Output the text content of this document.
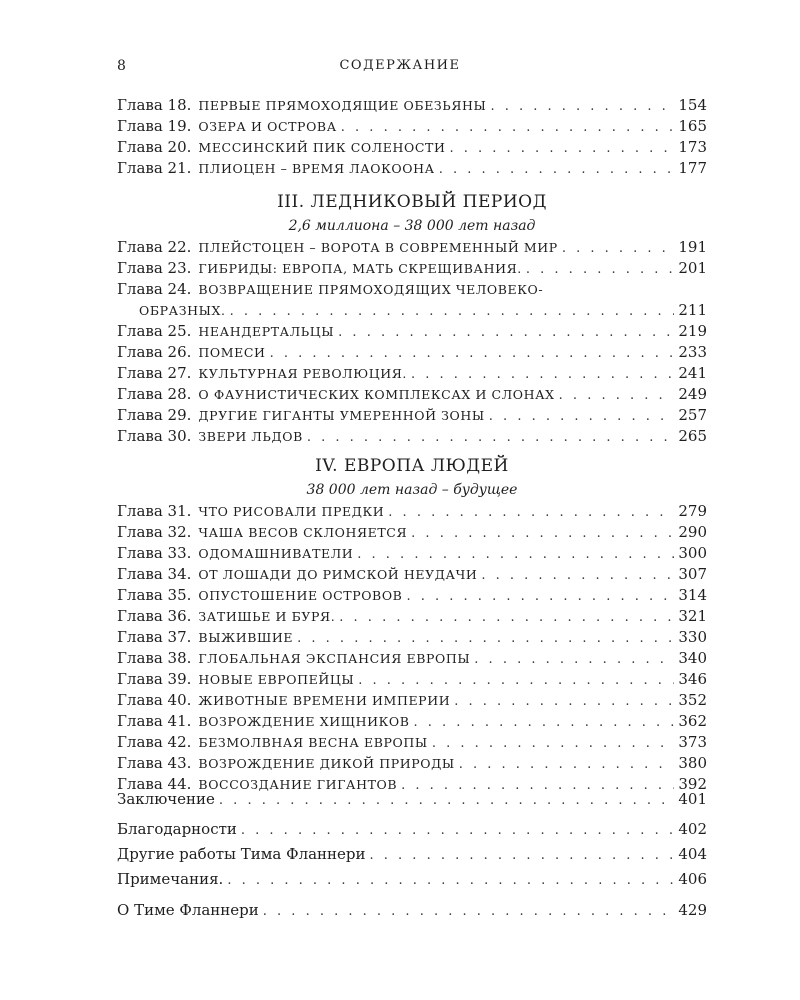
8	СОДЕРЖАНИЕ
Глава 18. ПЕРВЫЕ ПРЯМОХОДЯЩИЕ ОБЕЗЬЯНЫ . . .	154
Глава 19. ОЗЕРА И ОСТРОВА . . .	165
Глава 20. МЕССИНСКИЙ ПИК СОЛЕНОСТИ . . .	173
Глава 21. ПЛИОЦЕН – ВРЕМЯ ЛАОКООНА . . .	177
III. ЛЕДНИКОВЫЙ ПЕРИОД
2,6 миллиона – 38 000 лет назад
Глава 22. ПЛЕЙСТОЦЕН – ВОРОТА В СОВРЕМЕННЫЙ МИР . . .	191
Глава 23. ГИБРИДЫ: ЕВРОПА, МАТЬ СКРЕЩИВАНИЯ. . . .	201
Глава 24. ВОЗВРАЩЕНИЕ ПРЯМОХОДЯЩИХ ЧЕЛОВЕКО-
ОБРАЗНЫХ. . . .	211
Глава 25. НЕАНДЕРТАЛЬЦЫ . . .	219
Глава 26. ПОМЕСИ . . .	233
Глава 27. КУЛЬТУРНАЯ РЕВОЛЮЦИЯ. . . .	241
Глава 28. О ФАУНИСТИЧЕСКИХ КОМПЛЕКСАХ И СЛОНАХ . . .	249
Глава 29. ДРУГИЕ ГИГАНТЫ УМЕРЕННОЙ ЗОНЫ . . .	257
Глава 30. ЗВЕРИ ЛЬДОВ . . .	265
IV. ЕВРОПА ЛЮДЕЙ
38 000 лет назад – будущее
Глава 31. ЧТО РИСОВАЛИ ПРЕДКИ . . .	279
Глава 32. ЧАША ВЕСОВ СКЛОНЯЕТСЯ . . .	290
Глава 33. ОДОМАШНИВАТЕЛИ . . .	300
Глава 34. ОТ ЛОШАДИ ДО РИМСКОЙ НЕУДАЧИ . . .	307
Глава 35. ОПУСТОШЕНИЕ ОСТРОВОВ . . .	314
Глава 36. ЗАТИШЬЕ И БУРЯ. . . .	321
Глава 37. ВЫЖИВШИЕ . . .	330
Глава 38. ГЛОБАЛЬНАЯ ЭКСПАНСИЯ ЕВРОПЫ . . .	340
Глава 39. НОВЫЕ ЕВРОПЕЙЦЫ . . .	346
Глава 40. ЖИВОТНЫЕ ВРЕМЕНИ ИМПЕРИИ . . .	352
Глава 41. ВОЗРОЖДЕНИЕ ХИЩНИКОВ . . .	362
Глава 42. БЕЗМОЛВНАЯ ВЕСНА ЕВРОПЫ . . .	373
Глава 43. ВОЗРОЖДЕНИЕ ДИКОЙ ПРИРОДЫ . . .	380
Глава 44. ВОССОЗДАНИЕ ГИГАНТОВ . . .	392
Заключение . . .	401
Благодарности . . .	402
Другие работы Тима Фланнери . . .	404
Примечания. . . .	406
О Тиме Фланнери . . .	429
